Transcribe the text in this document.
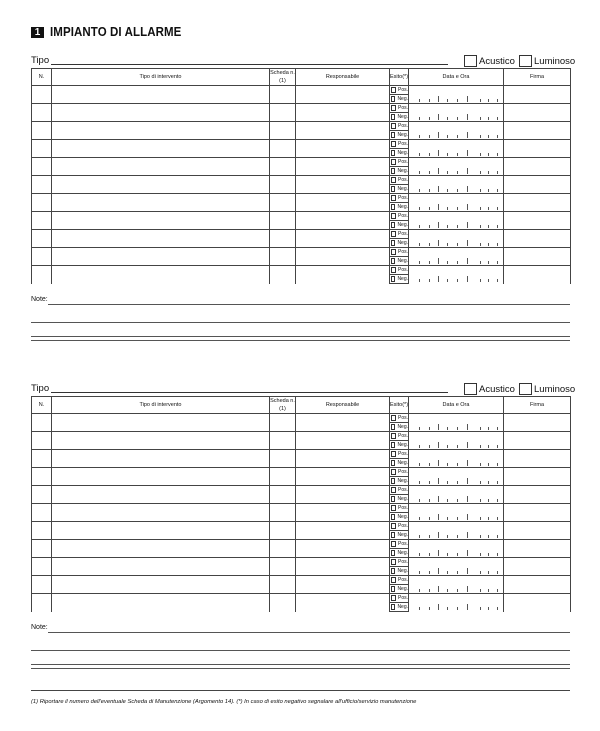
1 IMPIANTO DI ALLARME
Tipo	Acustico Luminoso
N.	Tipo di intervento	Scheda n.(1)	Responsabile	Esito(*)	Data e Ora	Firma

				Pos.		

				Neg.		

				Pos.		

				Neg.		

				Pos.		

				Neg.		

				Pos.		

				Neg.		

				Pos.		

				Neg.		

				Pos.		

				Neg.		

				Pos.		

				Neg.		

				Pos.		

				Neg.		

				Pos.		

				Neg.		

				Pos.		

				Neg.		

				Pos.		

				Neg.		
Note:
Tipo	Acustico Luminoso
N.	Tipo di intervento	Scheda n.(1)	Responsabile	Esito(*)	Data e Ora	Firma

				Pos.		

				Neg.		

				Pos.		

				Neg.		

				Pos.		

				Neg.		

				Pos.		

				Neg.		

				Pos.		

				Neg.		

				Pos.		

				Neg.		

				Pos.		

				Neg.		

				Pos.		

				Neg.		

				Pos.		

				Neg.		

				Pos.		

				Neg.		

				Pos.		

				Neg.		
Note:
(1) Riportare il numero dell'eventuale Scheda di Manutenzione (Argomento 14). (*) In caso di esito negativo segnalare all'ufficio/servizio manutenzione
